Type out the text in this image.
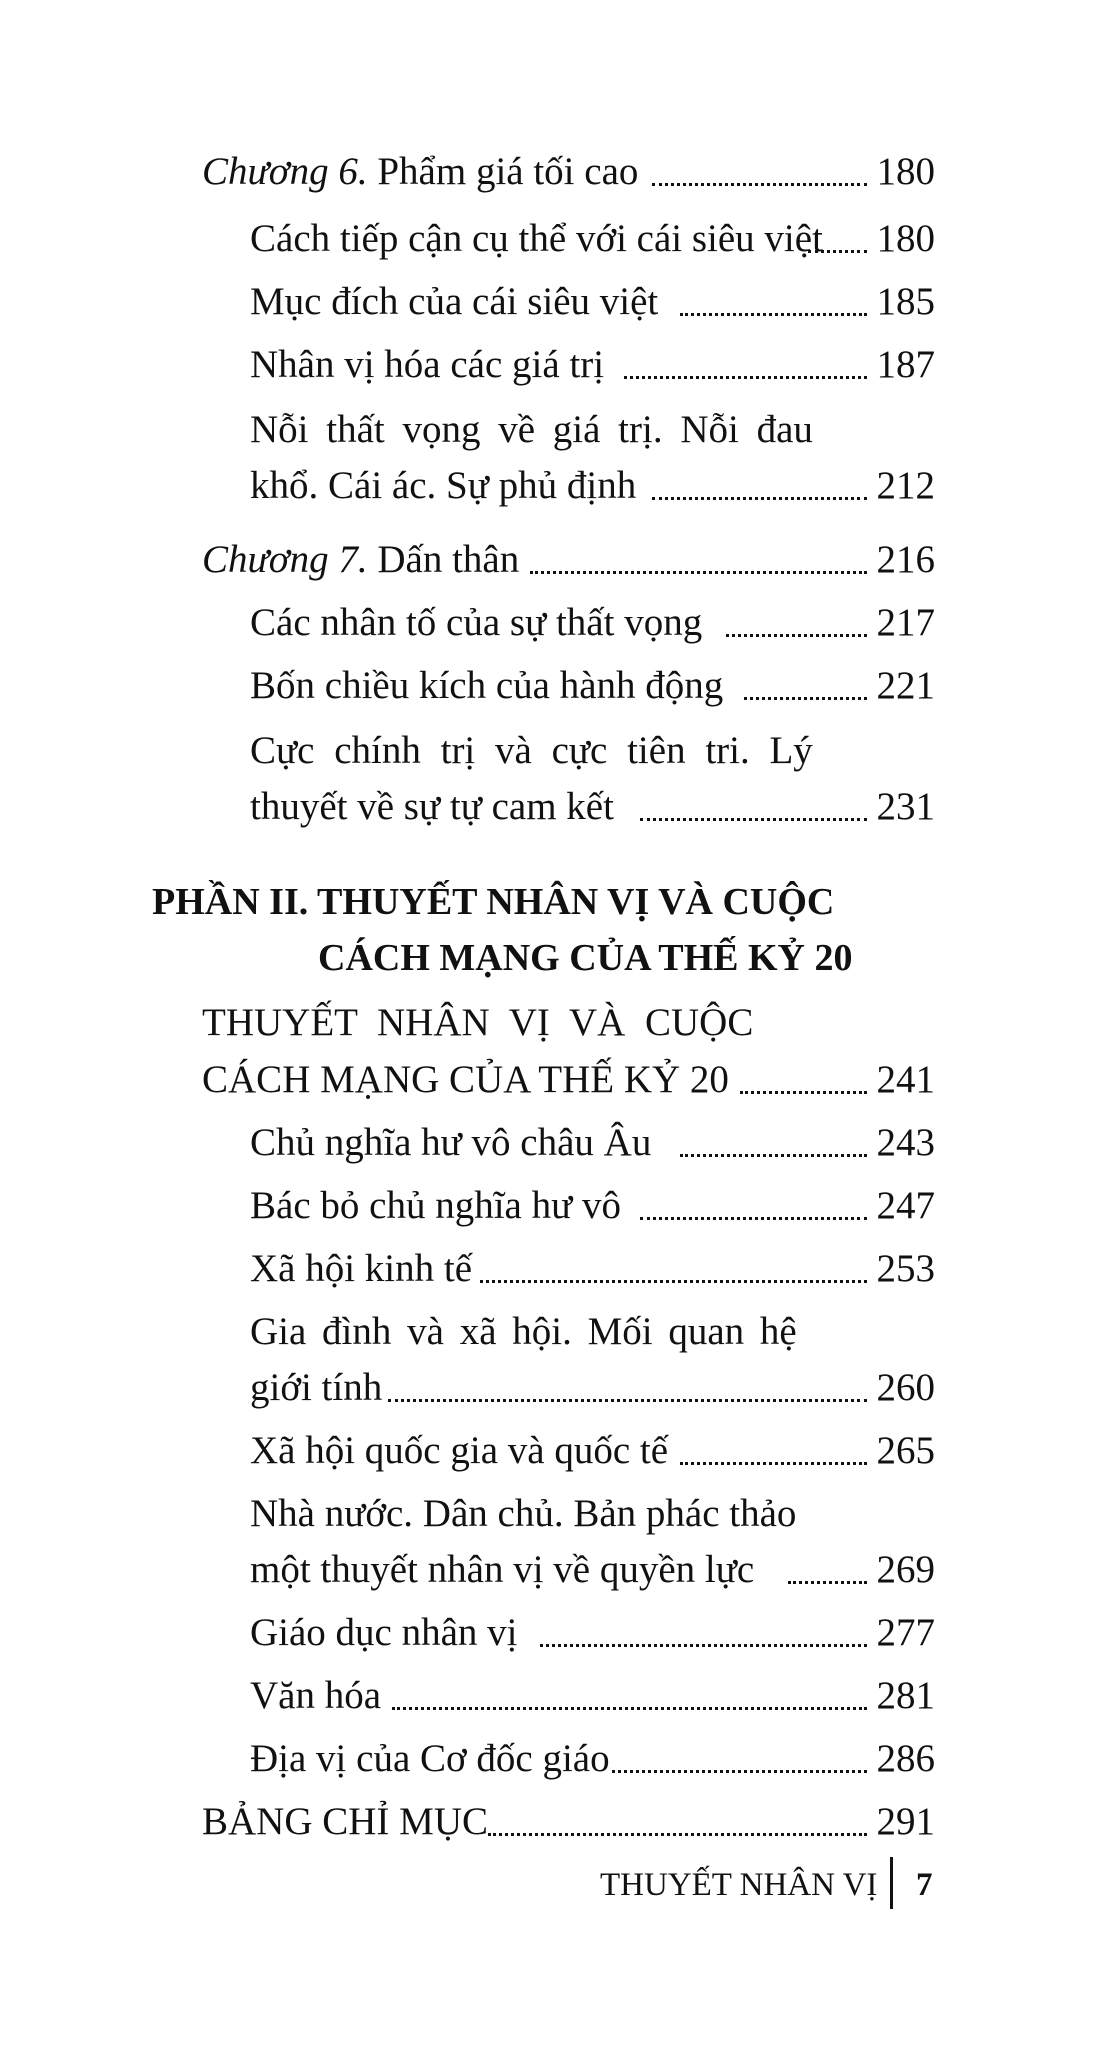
Chương 6. Phẩm giá tối cao	180
Cách tiếp cận cụ thể với cái siêu việt 180
Mục đích của cái siêu việt	185
Nhân vị hóa các giá trị	187
Nỗi thất vọng về giá trị. Nỗi đau
khổ. Cái ác. Sự phủ định	212
Chương 7. Dấn thân	216
Các nhân tố của sự thất vọng	217
Bốn chiều kích của hành động	221
Cực chính trị và cực tiên tri. Lý
thuyết về sự tự cam kết	231
PHẦN II. THUYẾT NHÂN VỊ VÀ CUỘC
CÁCH MẠNG CỦA THẾ KỶ 20
THUYẾT NHÂN VỊ VÀ CUỘC
CÁCH MẠNG CỦA THẾ KỶ 20	241
Chủ nghĩa hư vô châu Âu	243
Bác bỏ chủ nghĩa hư vô	247
Xã hội kinh tế	253
Gia đình và xã hội. Mối quan hệ
giới tính	260
Xã hội quốc gia và quốc tế	265
Nhà nước. Dân chủ. Bản phác thảo
một thuyết nhân vị về quyền lực	269
Giáo dục nhân vị	277
Văn hóa	281
Địa vị của Cơ đốc giáo	286
BẢNG CHỈ MỤC	291
THUYẾT NHÂN VỊ 7
